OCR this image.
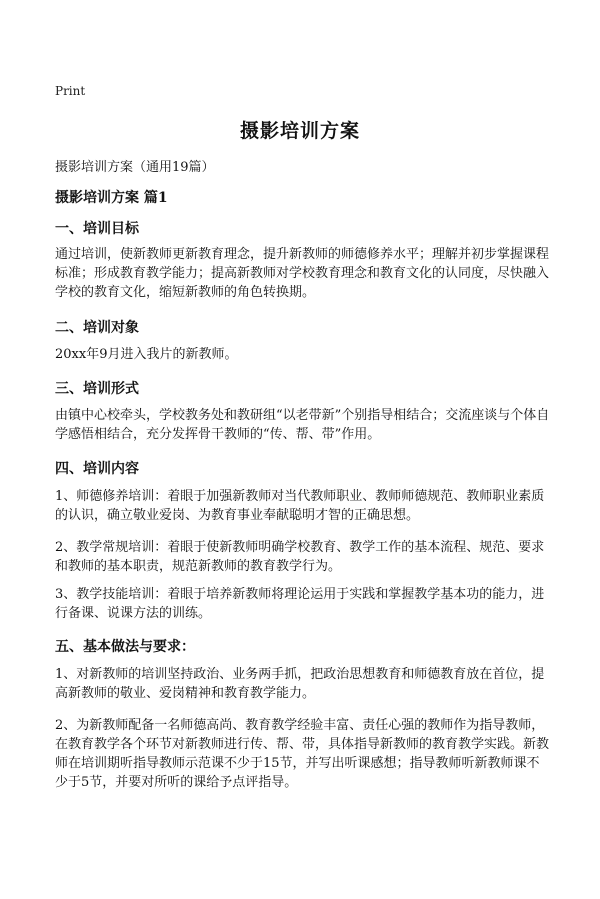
Print
摄影培训方案
摄影培训方案（通用19篇）
摄影培训方案 篇1
一、培训目标
通过培训，使新教师更新教育理念，提升新教师的师德修养水平；理解并初步掌握课程标准；形成教育教学能力；提高新教师对学校教育理念和教育文化的认同度，尽快融入学校的教育文化，缩短新教师的角色转换期。
二、培训对象
20xx年9月进入我片的新教师。
三、培训形式
由镇中心校牵头，学校教务处和教研组“以老带新”个别指导相结合；交流座谈与个体自学感悟相结合，充分发挥骨干教师的“传、帮、带”作用。
四、培训内容
1、师德修养培训：着眼于加强新教师对当代教师职业、教师师德规范、教师职业素质的认识，确立敬业爱岗、为教育事业奉献聪明才智的正确思想。
2、教学常规培训：着眼于使新教师明确学校教育、教学工作的基本流程、规范、要求和教师的基本职责，规范新教师的教育教学行为。
3、教学技能培训：着眼于培养新教师将理论运用于实践和掌握教学基本功的能力，进行备课、说课方法的训练。
五、基本做法与要求：
1、对新教师的培训坚持政治、业务两手抓，把政治思想教育和师德教育放在首位，提高新教师的敬业、爱岗精神和教育教学能力。
2、为新教师配备一名师德高尚、教育教学经验丰富、责任心强的教师作为指导教师，在教育教学各个环节对新教师进行传、帮、带，具体指导新教师的教育教学实践。新教师在培训期听指导教师示范课不少于15节，并写出听课感想；指导教师听新教师课不少于5节，并要对所听的课给予点评指导。
